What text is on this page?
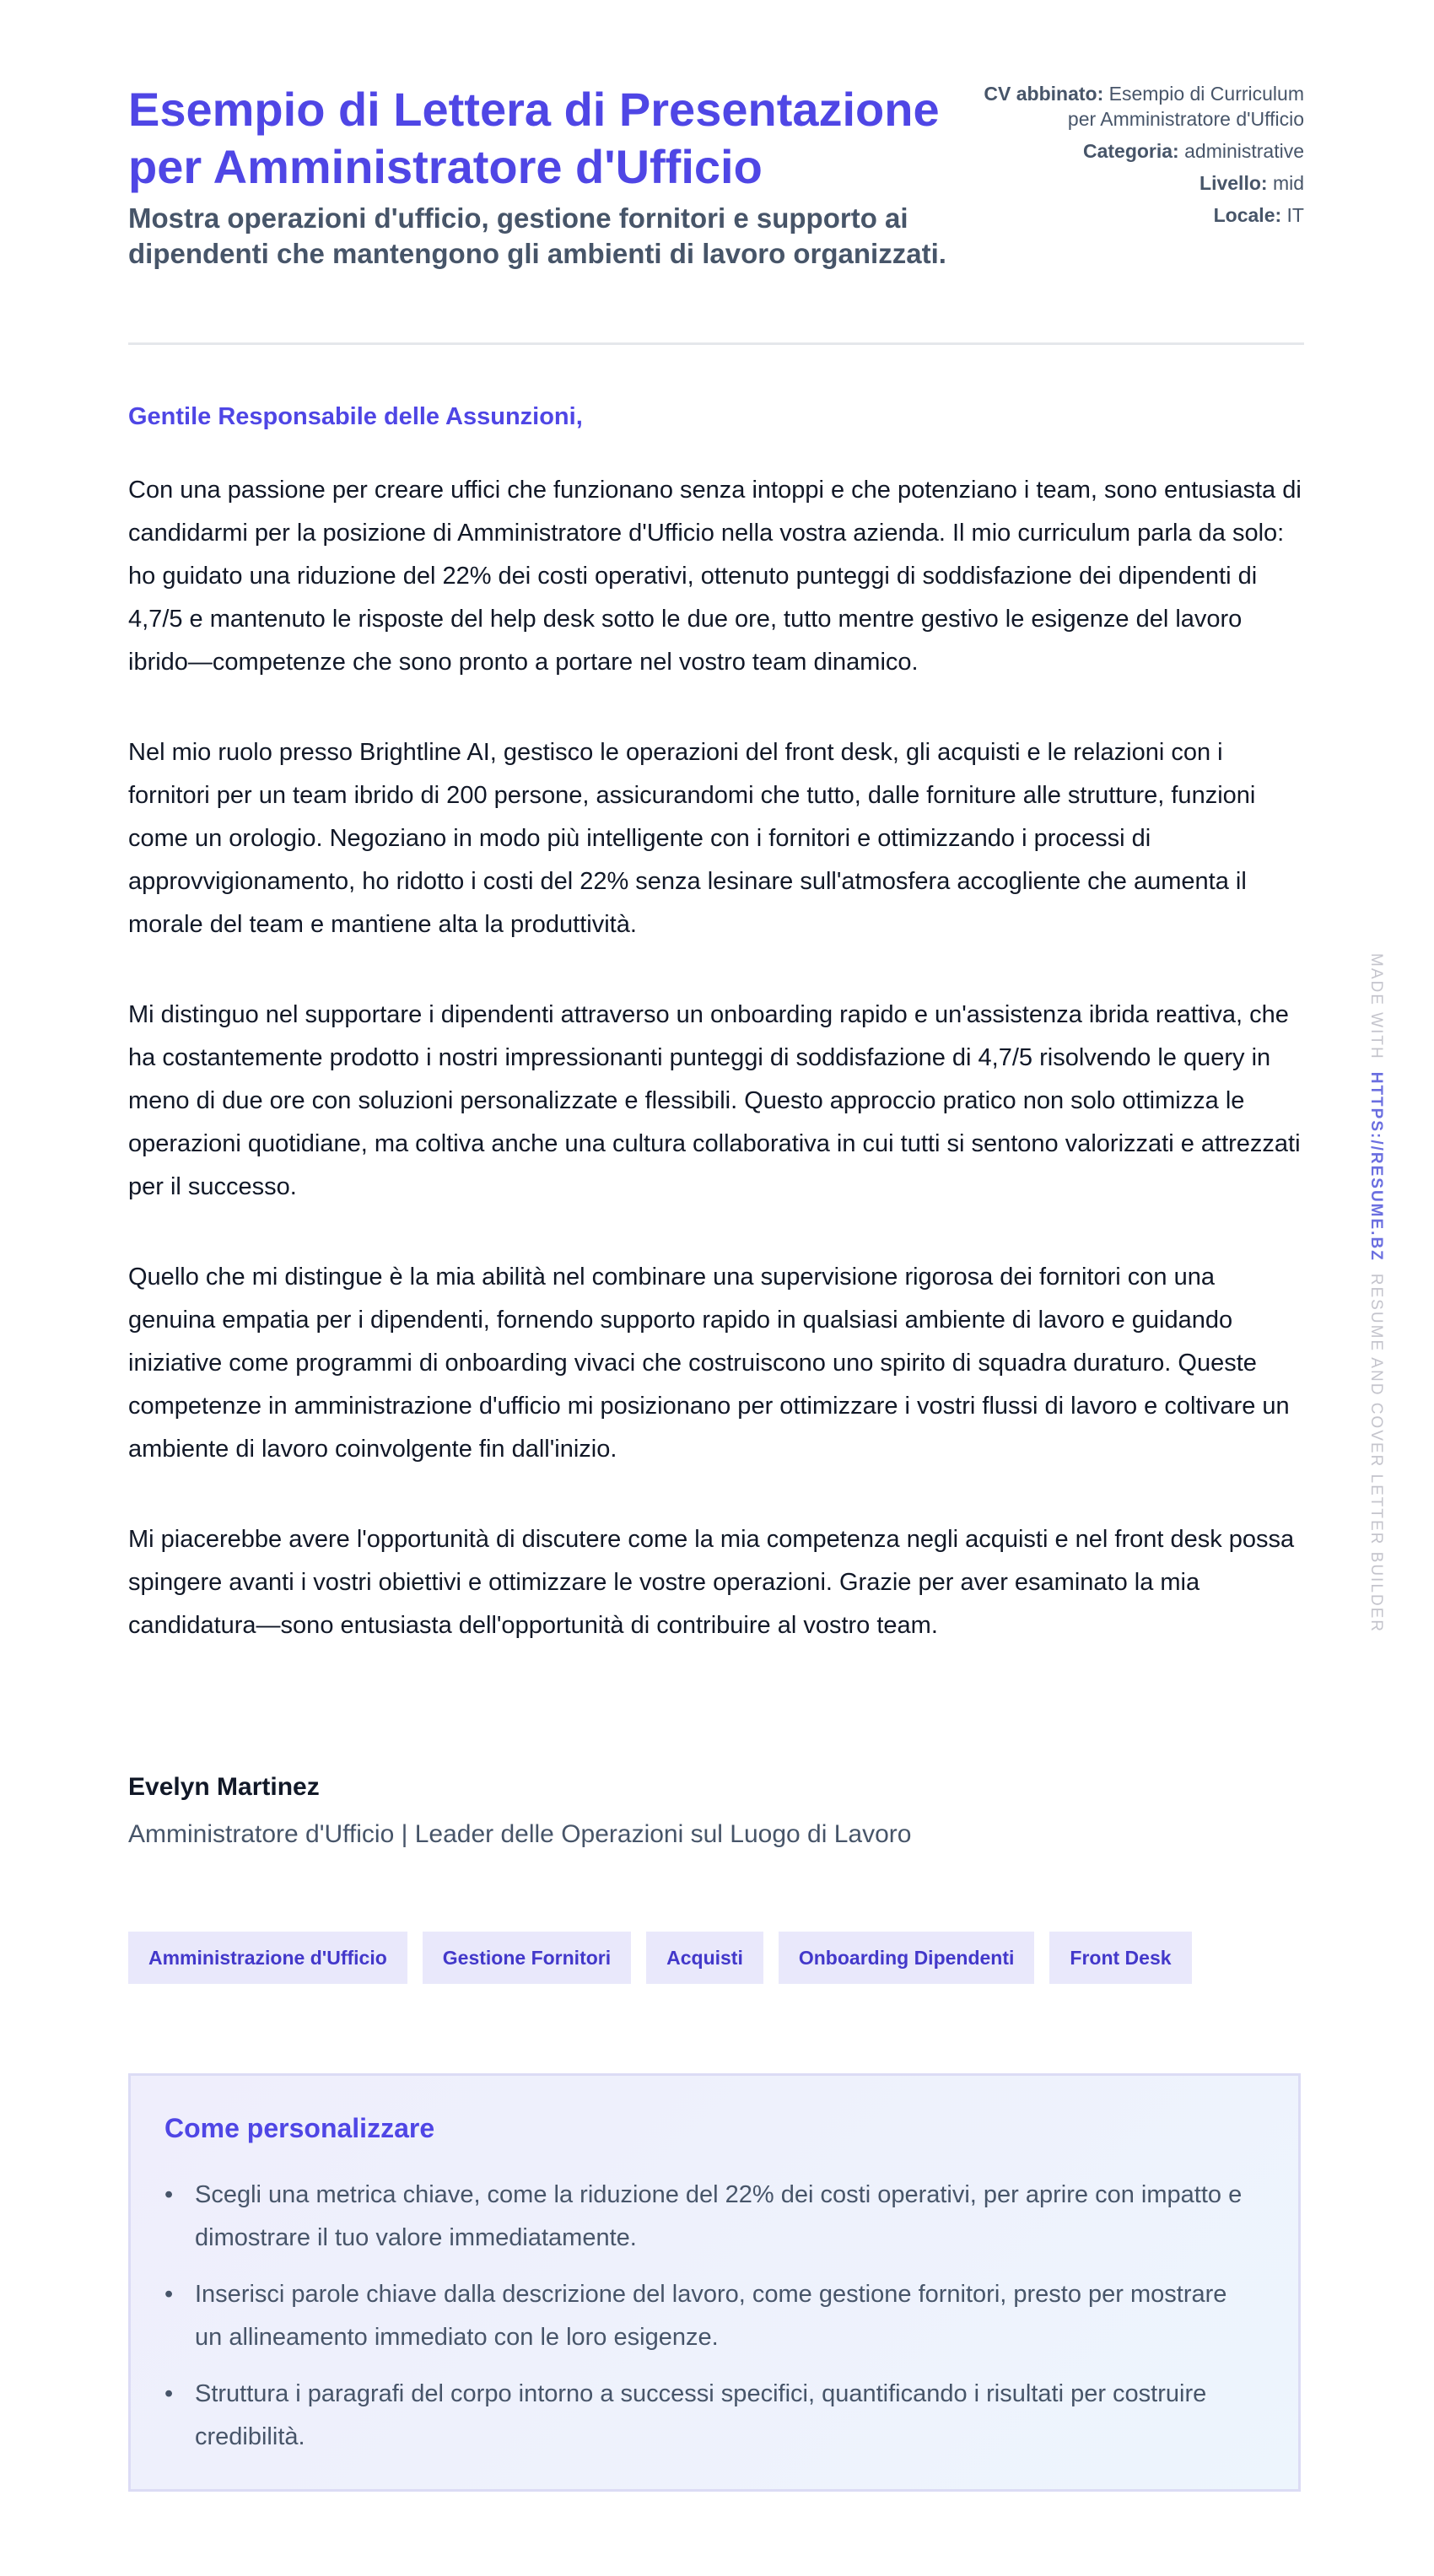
Esempio di Lettera di Presentazione per Amministratore d'Ufficio

Mostra operazioni d'ufficio, gestione fornitori e supporto ai dipendenti che mantengono gli ambienti di lavoro organizzati.

CV abbinato: Esempio di Curriculum per Amministratore d'Ufficio
Categoria: administrative
Livello: mid
Locale: IT
Gentile Responsabile delle Assunzioni,

Con una passione per creare uffici che funzionano senza intoppi e che potenziano i team, sono entusiasta di candidarmi per la posizione di Amministratore d'Ufficio nella vostra azienda. Il mio curriculum parla da solo: ho guidato una riduzione del 22% dei costi operativi, ottenuto punteggi di soddisfazione dei dipendenti di 4,7/5 e mantenuto le risposte del help desk sotto le due ore, tutto mentre gestivo le esigenze del lavoro ibrido—competenze che sono pronto a portare nel vostro team dinamico.

Nel mio ruolo presso Brightline AI, gestisco le operazioni del front desk, gli acquisti e le relazioni con i fornitori per un team ibrido di 200 persone, assicurandomi che tutto, dalle forniture alle strutture, funzioni come un orologio. Negoziano in modo più intelligente con i fornitori e ottimizzando i processi di approvvigionamento, ho ridotto i costi del 22% senza lesinare sull'atmosfera accogliente che aumenta il morale del team e mantiene alta la produttività.

Mi distinguo nel supportare i dipendenti attraverso un onboarding rapido e un'assistenza ibrida reattiva, che ha costantemente prodotto i nostri impressionanti punteggi di soddisfazione di 4,7/5 risolvendo le query in meno di due ore con soluzioni personalizzate e flessibili. Questo approccio pratico non solo ottimizza le operazioni quotidiane, ma coltiva anche una cultura collaborativa in cui tutti si sentono valorizzati e attrezzati per il successo.

Quello che mi distingue è la mia abilità nel combinare una supervisione rigorosa dei fornitori con una genuina empatia per i dipendenti, fornendo supporto rapido in qualsiasi ambiente di lavoro e guidando iniziative come programmi di onboarding vivaci che costruiscono uno spirito di squadra duraturo. Queste competenze in amministrazione d'ufficio mi posizionano per ottimizzare i vostri flussi di lavoro e coltivare un ambiente di lavoro coinvolgente fin dall'inizio.

Mi piacerebbe avere l'opportunità di discutere come la mia competenza negli acquisti e nel front desk possa spingere avanti i vostri obiettivi e ottimizzare le vostre operazioni. Grazie per aver esaminato la mia candidatura—sono entusiasta dell'opportunità di contribuire al vostro team.

Evelyn Martinez
Amministratore d'Ufficio | Leader delle Operazioni sul Luogo di Lavoro
Amministrazione d'Ufficio	Gestione Fornitori	Acquisti	Onboarding Dipendenti	Front Desk
Come personalizzare
• Scegli una metrica chiave, come la riduzione del 22% dei costi operativi, per aprire con impatto e dimostrare il tuo valore immediatamente.
• Inserisci parole chiave dalla descrizione del lavoro, come gestione fornitori, presto per mostrare un allineamento immediato con le loro esigenze.
• Struttura i paragrafi del corpo intorno a successi specifici, quantificando i risultati per costruire credibilità.
MADE WITHHTTPS://RESUME.BZRESUME AND COVER LETTER BUILDER
